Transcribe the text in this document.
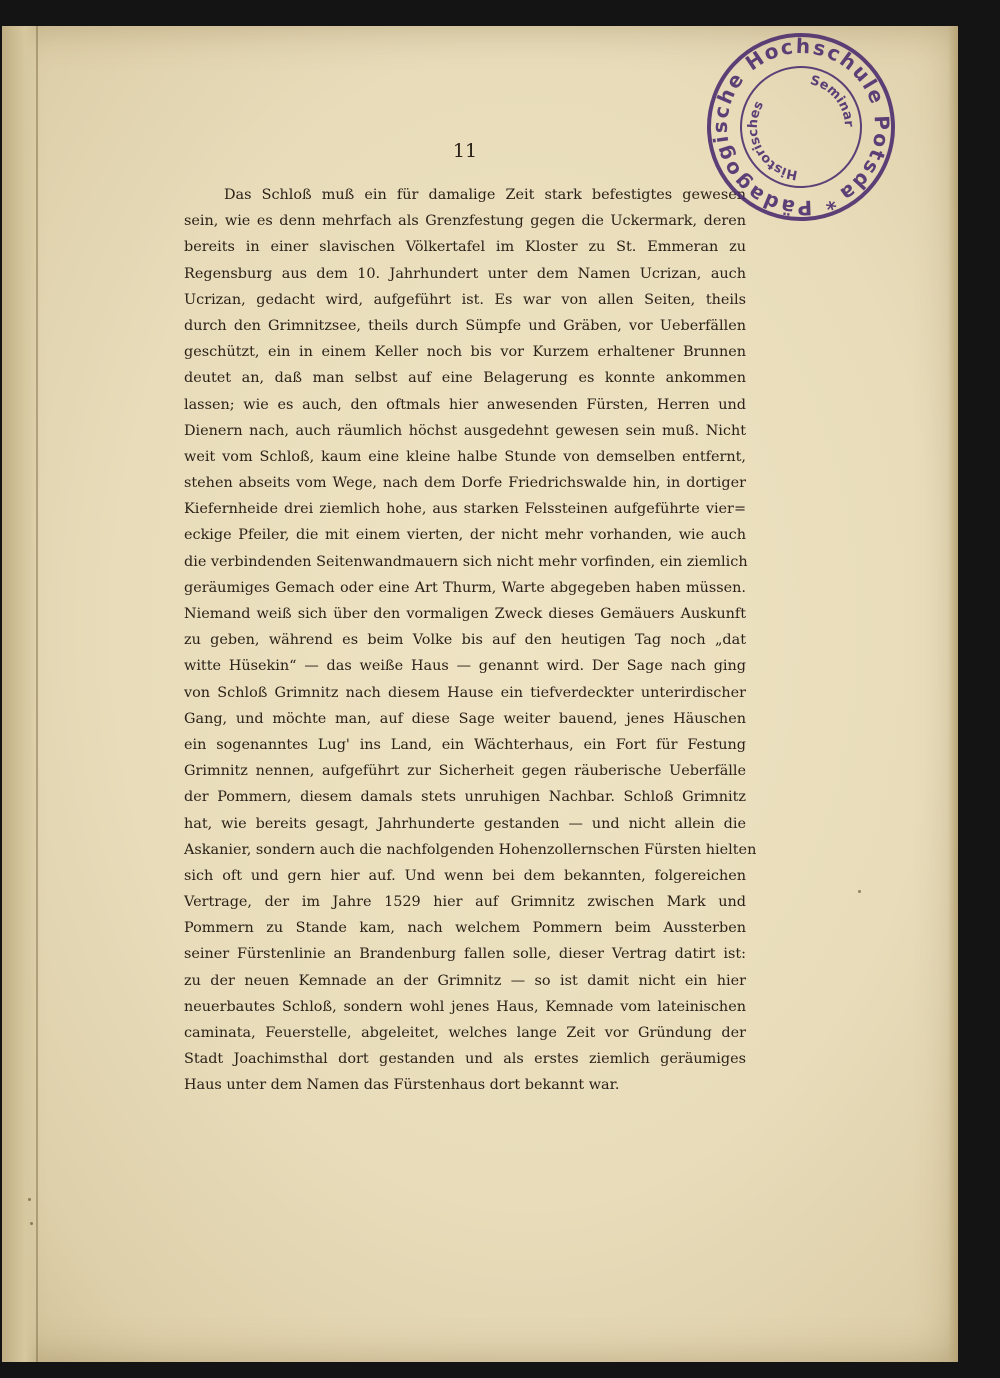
11
Das Schloß muß ein für damalige Zeit stark befestigtes gewesen
sein, wie es denn mehrfach als Grenzfestung gegen die Uckermark, deren
bereits in einer slavischen Völkertafel im Kloster zu St. Emmeran zu
Regensburg aus dem 10. Jahrhundert unter dem Namen Ucrizan, auch
Ucrizan, gedacht wird, aufgeführt ist. Es war von allen Seiten, theils
durch den Grimnitzsee, theils durch Sümpfe und Gräben, vor Ueberfällen
geschützt, ein in einem Keller noch bis vor Kurzem erhaltener Brunnen
deutet an, daß man selbst auf eine Belagerung es konnte ankommen
lassen; wie es auch, den oftmals hier anwesenden Fürsten, Herren und
Dienern nach, auch räumlich höchst ausgedehnt gewesen sein muß. Nicht
weit vom Schloß, kaum eine kleine halbe Stunde von demselben entfernt,
stehen abseits vom Wege, nach dem Dorfe Friedrichswalde hin, in dortiger
Kiefernheide drei ziemlich hohe, aus starken Felssteinen aufgeführte vier=
eckige Pfeiler, die mit einem vierten, der nicht mehr vorhanden, wie auch
die verbindenden Seitenwandmauern sich nicht mehr vorfinden, ein ziemlich
geräumiges Gemach oder eine Art Thurm, Warte abgegeben haben müssen.
Niemand weiß sich über den vormaligen Zweck dieses Gemäuers Auskunft
zu geben, während es beim Volke bis auf den heutigen Tag noch „dat
witte Hüsekin“ — das weiße Haus — genannt wird. Der Sage nach ging
von Schloß Grimnitz nach diesem Hause ein tiefverdeckter unterirdischer
Gang, und möchte man, auf diese Sage weiter bauend, jenes Häuschen
ein sogenanntes Lug' ins Land, ein Wächterhaus, ein Fort für Festung
Grimnitz nennen, aufgeführt zur Sicherheit gegen räuberische Ueberfälle
der Pommern, diesem damals stets unruhigen Nachbar. Schloß Grimnitz
hat, wie bereits gesagt, Jahrhunderte gestanden — und nicht allein die
Askanier, sondern auch die nachfolgenden Hohenzollernschen Fürsten hielten
sich oft und gern hier auf. Und wenn bei dem bekannten, folgereichen
Vertrage, der im Jahre 1529 hier auf Grimnitz zwischen Mark und
Pommern zu Stande kam, nach welchem Pommern beim Aussterben
seiner Fürstenlinie an Brandenburg fallen solle, dieser Vertrag datirt ist:
zu der neuen Kemnade an der Grimnitz — so ist damit nicht ein hier
neuerbautes Schloß, sondern wohl jenes Haus, Kemnade vom lateinischen
caminata, Feuerstelle, abgeleitet, welches lange Zeit vor Gründung der
Stadt Joachimsthal dort gestanden und als erstes ziemlich geräumiges
Haus unter dem Namen das Fürstenhaus dort bekannt war.
* Pädagogische Hochschule Potsdam
Historisches
Seminar
